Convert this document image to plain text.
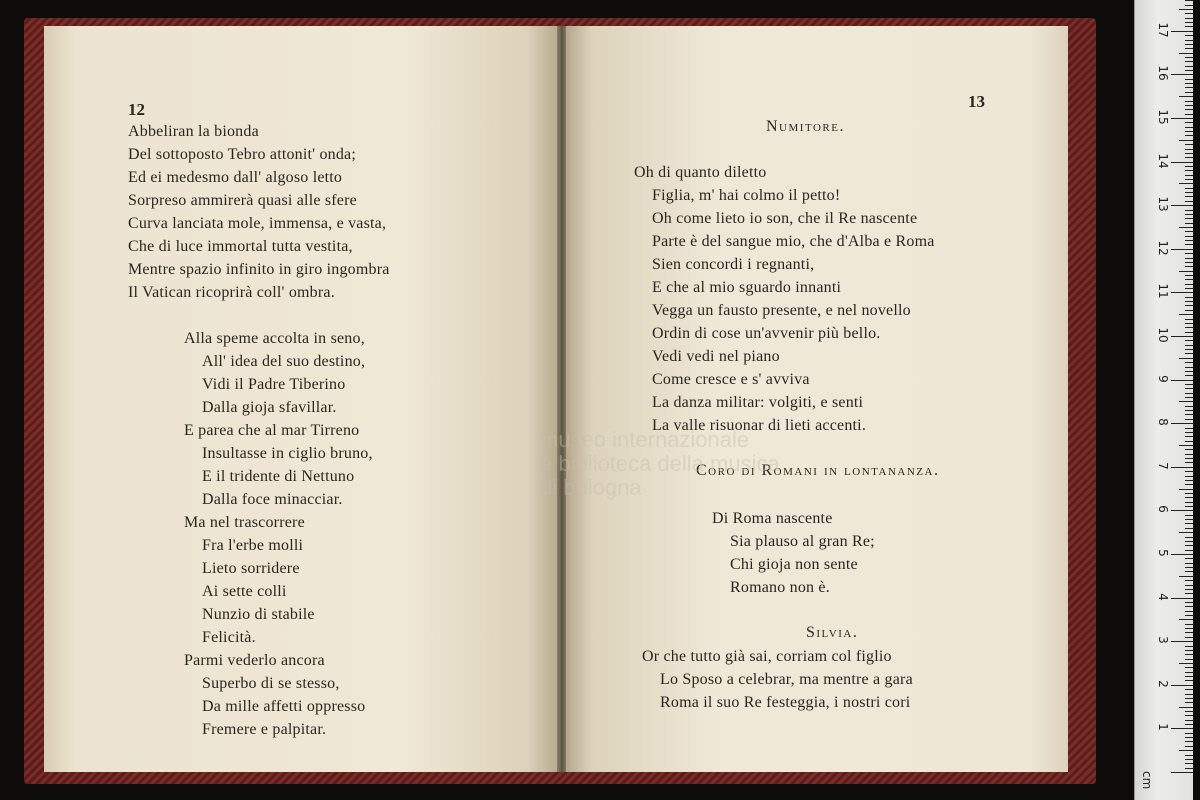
12
Abbeliran la bionda
Del sottoposto Tebro attonit' onda;
Ed ei medesmo dall' algoso letto
Sorpreso ammirerà quasi alle sfere
Curva lanciata mole, immensa, e vasta,
Che di luce immortal tutta vestita,
Mentre spazio infinito in giro ingombra
Il Vatican ricoprirà coll' ombra.
Alla speme accolta in seno,
All' idea del suo destino,
Vidi il Padre Tiberino
Dalla gioja sfavillar.
E parea che al mar Tirreno
Insultasse in ciglio bruno,
E il tridente di Nettuno
Dalla foce minacciar.
Ma nel trascorrere
Fra l'erbe molli
Lieto sorridere
Ai sette colli
Nunzio di stabile
Felicità.
Parmi vederlo ancora
Superbo di se stesso,
Da mille affetti oppresso
Fremere e palpitar.
13
Numitore.
Coro di Romani in lontananza.
Silvia.
Oh di quanto diletto
Figlia, m' hai colmo il petto!
Oh come lieto io son, che il Re nascente
Parte è del sangue mio, che d'Alba e Roma
Sien concordi i regnanti,
E che al mio sguardo innanti
Vegga un fausto presente, e nel novello
Ordin di cose un'avvenir più bello.
Vedi vedi nel piano
Come cresce e s' avviva
La danza militar: volgiti, e senti
La valle risuonar di lieti accenti.
Di Roma nascente
Sia plauso al gran Re;
Chi gioja non sente
Romano non è.
Or che tutto già sai, corriam col figlio
Lo Sposo a celebrar, ma mentre a gara
Roma il suo Re festeggia, i nostri cori
museo internazionale
e biblioteca della musica
di bologna
cm
1
2
3
4
5
6
7
8
9
10
11
12
13
14
15
16
17
